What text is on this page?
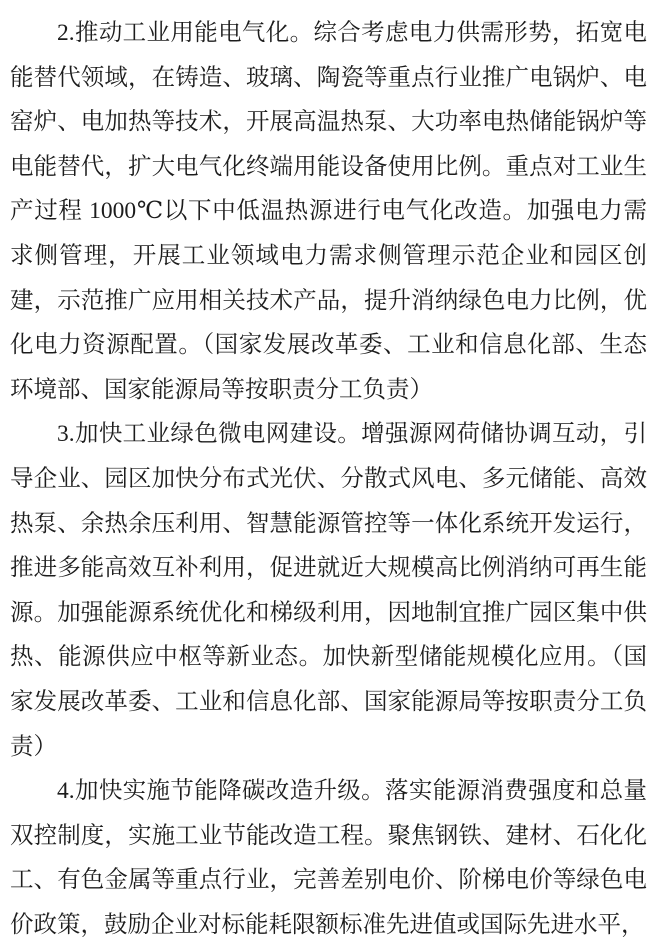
2.推动工业用能电气化。综合考虑电力供需形势，拓宽电能替代领域，在铸造、玻璃、陶瓷等重点行业推广电锅炉、电窑炉、电加热等技术，开展高温热泵、大功率电热储能锅炉等电能替代，扩大电气化终端用能设备使用比例。重点对工业生产过程 1000℃以下中低温热源进行电气化改造。加强电力需求侧管理，开展工业领域电力需求侧管理示范企业和园区创建，示范推广应用相关技术产品，提升消纳绿色电力比例，优化电力资源配置。（国家发展改革委、工业和信息化部、生态环境部、国家能源局等按职责分工负责）

3.加快工业绿色微电网建设。增强源网荷储协调互动，引导企业、园区加快分布式光伏、分散式风电、多元储能、高效热泵、余热余压利用、智慧能源管控等一体化系统开发运行，推进多能高效互补利用，促进就近大规模高比例消纳可再生能源。加强能源系统优化和梯级利用，因地制宜推广园区集中供热、能源供应中枢等新业态。加快新型储能规模化应用。（国家发展改革委、工业和信息化部、国家能源局等按职责分工负责）

4.加快实施节能降碳改造升级。落实能源消费强度和总量双控制度，实施工业节能改造工程。聚焦钢铁、建材、石化化工、有色金属等重点行业，完善差别电价、阶梯电价等绿色电价政策，鼓励企业对标能耗限额标准先进值或国际先进水平，
